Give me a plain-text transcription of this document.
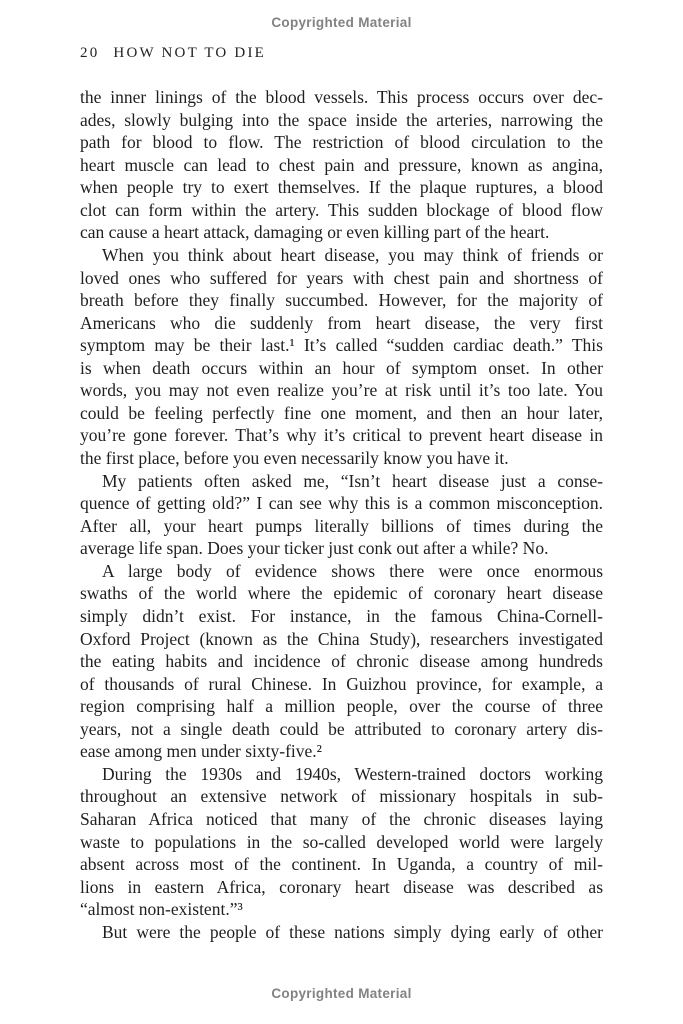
Copyrighted Material
20 HOW NOT TO DIE
the inner linings of the blood vessels. This process occurs over dec-
ades, slowly bulging into the space inside the arteries, narrowing the
path for blood to flow. The restriction of blood circulation to the
heart muscle can lead to chest pain and pressure, known as angina,
when people try to exert themselves. If the plaque ruptures, a blood
clot can form within the artery. This sudden blockage of blood flow
can cause a heart attack, damaging or even killing part of the heart.
When you think about heart disease, you may think of friends or
loved ones who suffered for years with chest pain and shortness of
breath before they finally succumbed. However, for the majority of
Americans who die suddenly from heart disease, the very first
symptom may be their last.¹ It’s called “sudden cardiac death.” This
is when death occurs within an hour of symptom onset. In other
words, you may not even realize you’re at risk until it’s too late. You
could be feeling perfectly fine one moment, and then an hour later,
you’re gone forever. That’s why it’s critical to prevent heart disease in
the first place, before you even necessarily know you have it.
My patients often asked me, “Isn’t heart disease just a conse-
quence of getting old?” I can see why this is a common misconception.
After all, your heart pumps literally billions of times during the
average life span. Does your ticker just conk out after a while? No.
A large body of evidence shows there were once enormous
swaths of the world where the epidemic of coronary heart disease
simply didn’t exist. For instance, in the famous China-Cornell-
Oxford Project (known as the China Study), researchers investigated
the eating habits and incidence of chronic disease among hundreds
of thousands of rural Chinese. In Guizhou province, for example, a
region comprising half a million people, over the course of three
years, not a single death could be attributed to coronary artery dis-
ease among men under sixty-five.²
During the 1930s and 1940s, Western-trained doctors working
throughout an extensive network of missionary hospitals in sub-
Saharan Africa noticed that many of the chronic diseases laying
waste to populations in the so-called developed world were largely
absent across most of the continent. In Uganda, a country of mil-
lions in eastern Africa, coronary heart disease was described as
“almost non-existent.”³
But were the people of these nations simply dying early of other
Copyrighted Material
